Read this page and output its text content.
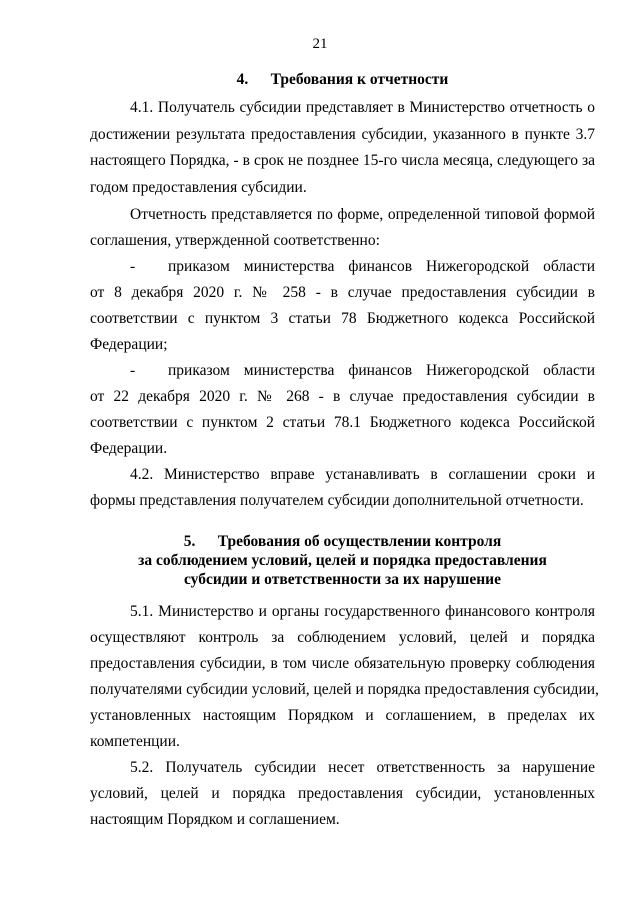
21
4. Требования к отчетности
4.1. Получатель субсидии представляет в Министерство отчетность о
достижении результата предоставления субсидии, указанного в пункте 3.7
настоящего Порядка, - в срок не позднее 15-го числа месяца, следующего за
годом предоставления субсидии.
Отчетность представляется по форме, определенной типовой формой
соглашения, утвержденной соответственно:
- приказом министерства финансов Нижегородской области
от 8 декабря 2020 г. № 258 - в случае предоставления субсидии в
соответствии с пунктом 3 статьи 78 Бюджетного кодекса Российской
Федерации;
- приказом министерства финансов Нижегородской области
от 22 декабря 2020 г. № 268 - в случае предоставления субсидии в
соответствии с пунктом 2 статьи 78.1 Бюджетного кодекса Российской
Федерации.
4.2. Министерство вправе устанавливать в соглашении сроки и
формы представления получателем субсидии дополнительной отчетности.
5. Требования об осуществлении контроля
за соблюдением условий, целей и порядка предоставления
субсидии и ответственности за их нарушение
5.1. Министерство и органы государственного финансового контроля
осуществляют контроль за соблюдением условий, целей и порядка
предоставления субсидии, в том числе обязательную проверку соблюдения
получателями субсидии условий, целей и порядка предоставления субсидии,
установленных настоящим Порядком и соглашением, в пределах их
компетенции.
5.2. Получатель субсидии несет ответственность за нарушение
условий, целей и порядка предоставления субсидии, установленных
настоящим Порядком и соглашением.
